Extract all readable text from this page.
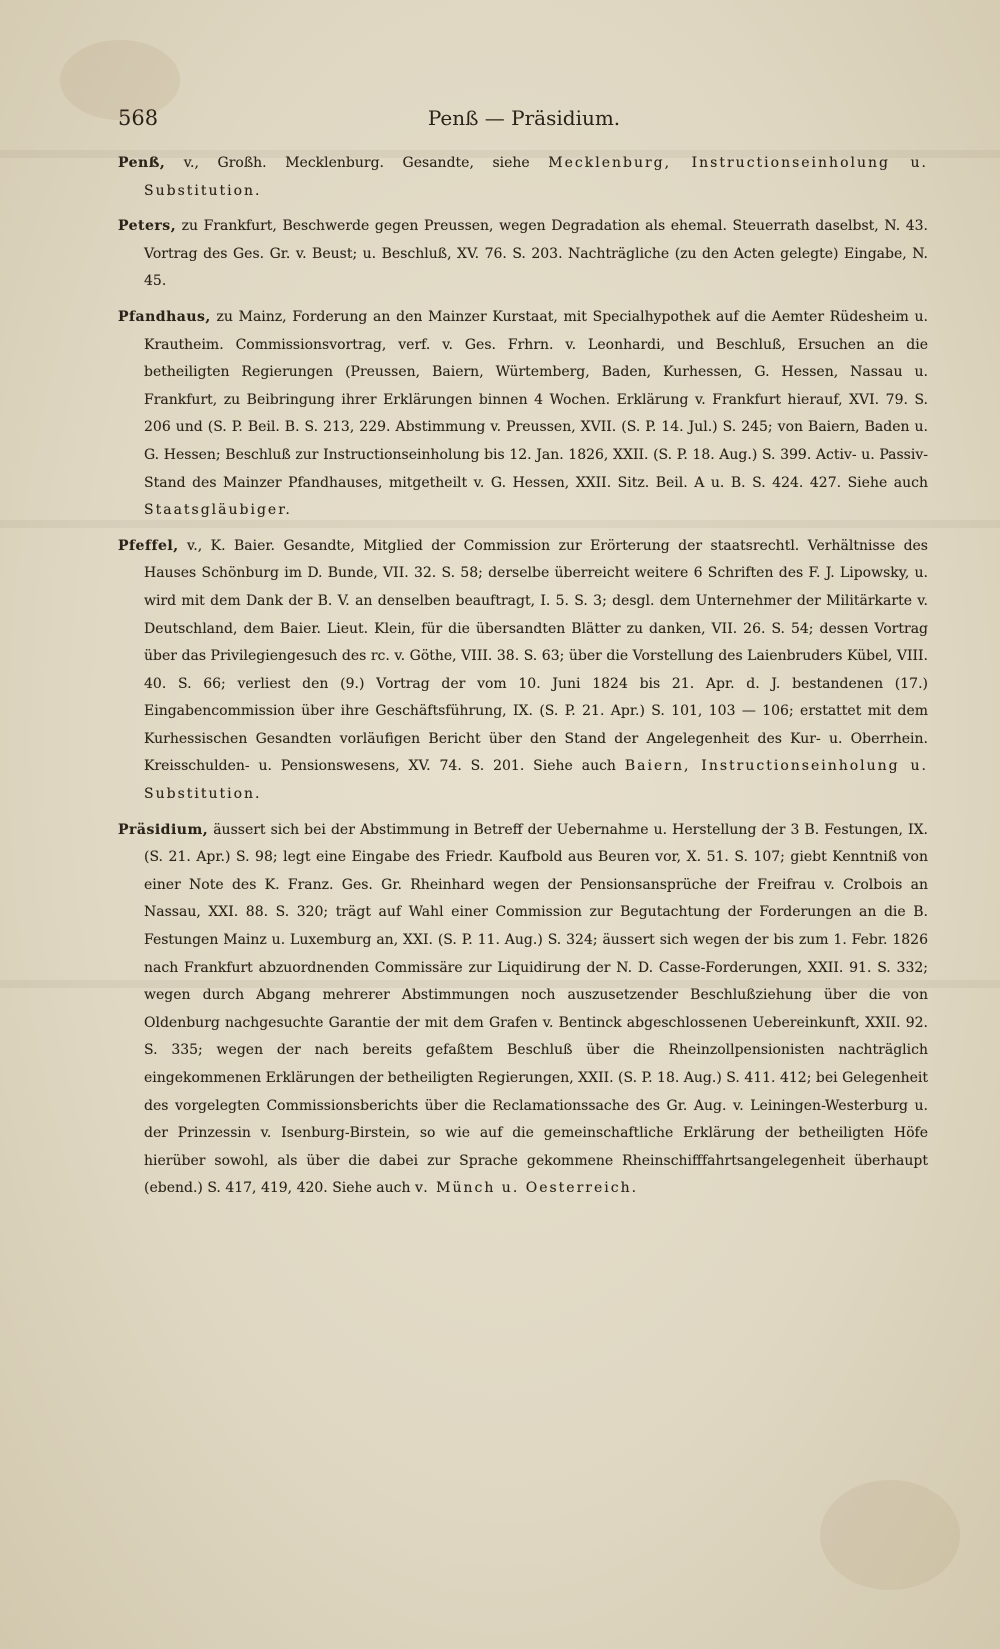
568	Penß — Präsidium.

Penß, v., Großh. Mecklenburg. Gesandte, siehe Mecklenburg, Instructionseinholung u. Substitution.

Peters, zu Frankfurt, Beschwerde gegen Preussen, wegen Degradation als ehemal. Steuerrath daselbst, N. 43. Vortrag des Ges. Gr. v. Beust; u. Beschluß, XV. 76. S. 203. Nachträgliche (zu den Acten gelegte) Eingabe, N. 45.

Pfandhaus, zu Mainz, Forderung an den Mainzer Kurstaat, mit Specialhypothek auf die Aemter Rüdesheim u. Krautheim. Commissionsvortrag, verf. v. Ges. Frhrn. v. Leonhardi, und Beschluß, Ersuchen an die betheiligten Regierungen (Preussen, Baiern, Würtemberg, Baden, Kurhessen, G. Hessen, Nassau u. Frankfurt, zu Beibringung ihrer Erklärungen binnen 4 Wochen. Erklärung v. Frankfurt hierauf, XVI. 79. S. 206 und (S. P. Beil. B. S. 213, 229. Abstimmung v. Preussen, XVII. (S. P. 14. Jul.) S. 245; von Baiern, Baden u. G. Hessen; Beschluß zur Instructionseinholung bis 12. Jan. 1826, XXII. (S. P. 18. Aug.) S. 399. Activ- u. Passiv-Stand des Mainzer Pfandhauses, mitgetheilt v. G. Hessen, XXII. Sitz. Beil. A u. B. S. 424. 427. Siehe auch Staatsgläubiger.

Pfeffel, v., K. Baier. Gesandte, Mitglied der Commission zur Erörterung der staatsrechtl. Verhältnisse des Hauses Schönburg im D. Bunde, VII. 32. S. 58; derselbe überreicht weitere 6 Schriften des F. J. Lipowsky, u. wird mit dem Dank der B. V. an denselben beauftragt, I. 5. S. 3; desgl. dem Unternehmer der Militärkarte v. Deutschland, dem Baier. Lieut. Klein, für die übersandten Blätter zu danken, VII. 26. S. 54; dessen Vortrag über das Privilegiengesuch des rc. v. Göthe, VIII. 38. S. 63; über die Vorstellung des Laienbruders Kübel, VIII. 40. S. 66; verliest den (9.) Vortrag der vom 10. Juni 1824 bis 21. Apr. d. J. bestandenen (17.) Eingabencommission über ihre Geschäftsführung, IX. (S. P. 21. Apr.) S. 101, 103 — 106; erstattet mit dem Kurhessischen Gesandten vorläufigen Bericht über den Stand der Angelegenheit des Kur- u. Oberrhein. Kreisschulden- u. Pensionswesens, XV. 74. S. 201. Siehe auch Baiern, Instructionseinholung u. Substitution.

Präsidium, äussert sich bei der Abstimmung in Betreff der Uebernahme u. Herstellung der 3 B. Festungen, IX. (S. 21. Apr.) S. 98; legt eine Eingabe des Friedr. Kaufbold aus Beuren vor, X. 51. S. 107; giebt Kenntniß von einer Note des K. Franz. Ges. Gr. Rheinhard wegen der Pensionsansprüche der Freifrau v. Crolbois an Nassau, XXI. 88. S. 320; trägt auf Wahl einer Commission zur Begutachtung der Forderungen an die B. Festungen Mainz u. Luxemburg an, XXI. (S. P. 11. Aug.) S. 324; äussert sich wegen der bis zum 1. Febr. 1826 nach Frankfurt abzuordnenden Commissäre zur Liquidirung der N. D. Casse-Forderungen, XXII. 91. S. 332; wegen durch Abgang mehrerer Abstimmungen noch auszusetzender Beschlußziehung über die von Oldenburg nachgesuchte Garantie der mit dem Grafen v. Bentinck abgeschlossenen Uebereinkunft, XXII. 92. S. 335; wegen der nach bereits gefaßtem Beschluß über die Rheinzollpensionisten nachträglich eingekommenen Erklärungen der betheiligten Regierungen, XXII. (S. P. 18. Aug.) S. 411. 412; bei Gelegenheit des vorgelegten Commissionsberichts über die Reclamationssache des Gr. Aug. v. Leiningen-Westerburg u. der Prinzessin v. Isenburg-Birstein, so wie auf die gemeinschaftliche Erklärung der betheiligten Höfe hierüber sowohl, als über die dabei zur Sprache gekommene Rheinschifffahrtsangelegenheit überhaupt (ebend.) S. 417, 419, 420. Siehe auch v. Münch u. Oesterreich.
